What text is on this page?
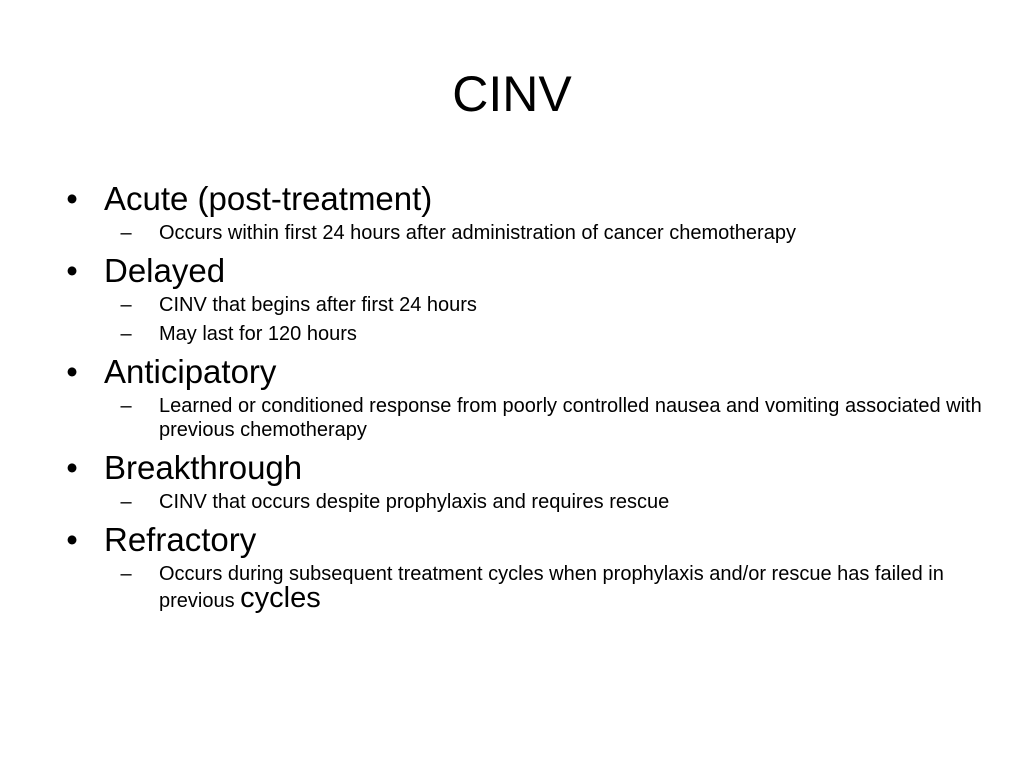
CINV
• Acute (post-treatment)
–	Occurs within first 24 hours after administration of cancer chemotherapy
• Delayed
–	CINV that begins after first 24 hours
–	May last for 120 hours
• Anticipatory
–	Learned or conditioned response from poorly controlled nausea and vomiting associated with previous chemotherapy
• Breakthrough
–	CINV that occurs despite prophylaxis and requires rescue
• Refractory
–	Occurs during subsequent treatment cycles when prophylaxis and/or rescue has failed in previous cycles
